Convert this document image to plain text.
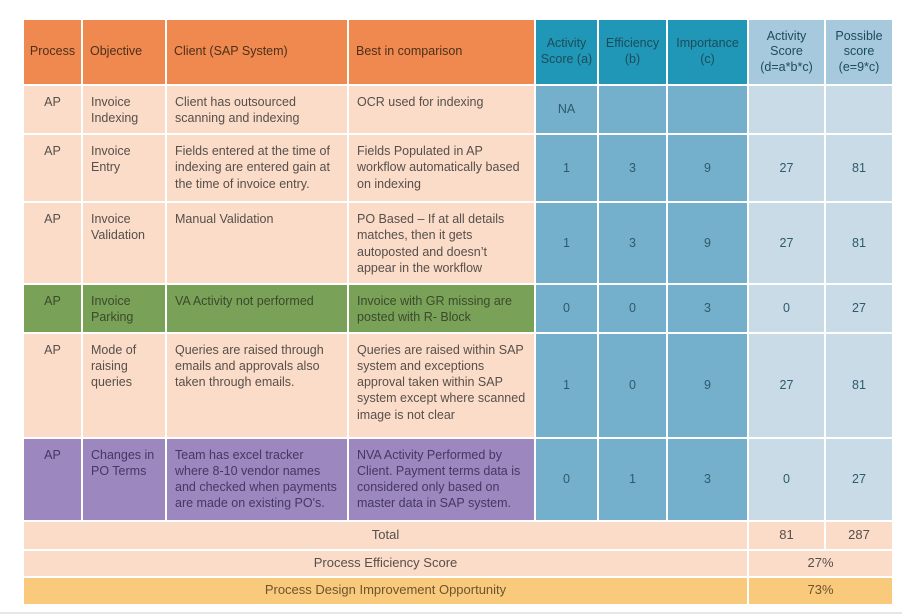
Process	Objective	Client (SAP System)	Best in comparison	Activity Score (a)	Efficiency (b)	Importance (c)	Activity Score (d=a*b*c)	Possible score (e=9*c)
AP	Invoice Indexing	Client has outsourced scanning and indexing	OCR used for indexing	NA				
AP	Invoice Entry	Fields entered at the time of indexing are entered gain at the time of invoice entry.	Fields Populated in AP workflow automatically based on indexing	1	3	9	27	81
AP	Invoice Validation	Manual Validation	PO Based – If at all details matches, then it gets autoposted and doesn’t appear in the workflow	1	3	9	27	81
AP	Invoice Parking	VA Activity not performed	Invoice with GR missing are posted with R- Block	0	0	3	0	27
AP	Mode of raising queries	Queries are raised through emails and approvals also taken through emails.	Queries are raised within SAP system and exceptions approval taken within SAP system except where scanned image is not clear	1	0	9	27	81
AP	Changes in PO Terms	Team has excel tracker where 8-10 vendor names and checked when payments are made on existing PO's.	NVA Activity Performed by Client. Payment terms data is considered only based on master data in SAP system.	0	1	3	0	27
Total							81	287
Process Efficiency Score							27%	
Process Design Improvement Opportunity							73%	
